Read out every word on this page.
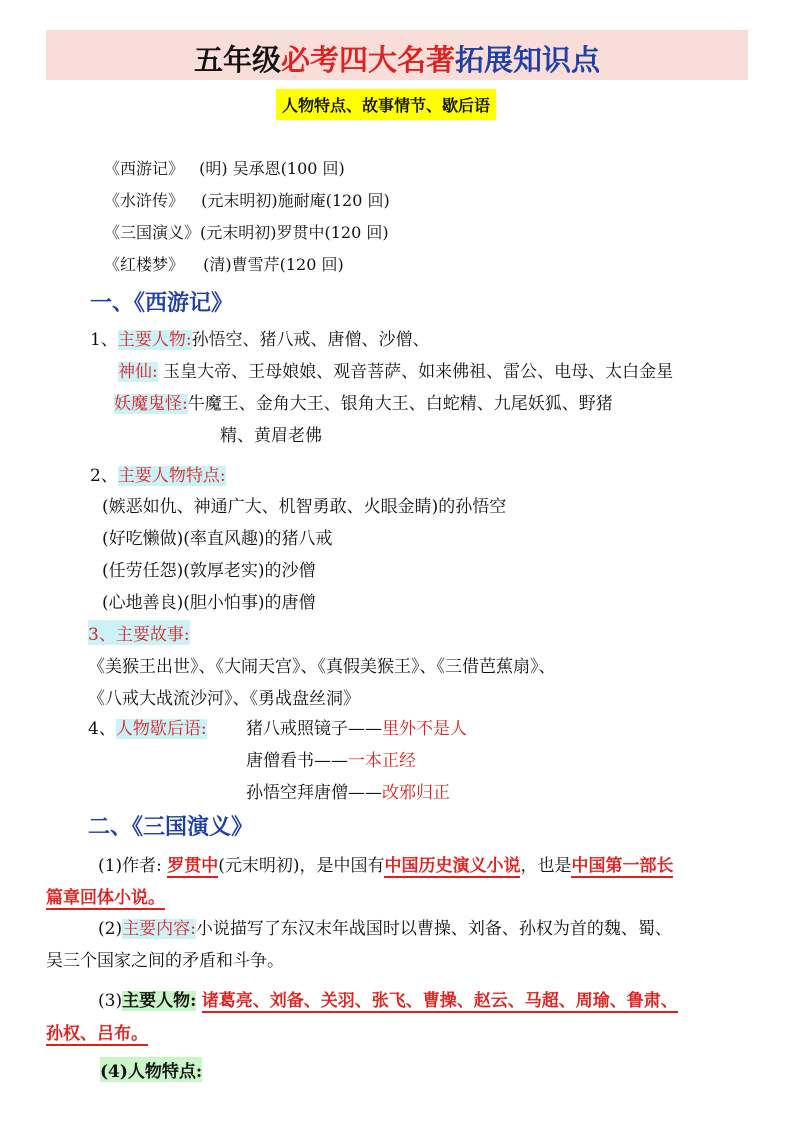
五年级必考四大名著拓展知识点
人物特点、故事情节、歇后语
《西游记》 (明) 吴承恩(100 回)
《水浒传》 (元末明初)施耐庵(120 回)
《三国演义》(元末明初)罗贯中(120 回)
《红楼梦》 (清)曹雪芹(120 回)
一、《西游记》
1、主要人物:孙悟空、猪八戒、唐僧、沙僧、
神仙: 玉皇大帝、王母娘娘、观音菩萨、如来佛祖、雷公、电母、太白金星
妖魔鬼怪:牛魔王、金角大王、银角大王、白蛇精、九尾妖狐、野猪
精、黄眉老佛
2、主要人物特点:
(嫉恶如仇、神通广大、机智勇敢、火眼金睛)的孙悟空
(好吃懒做)(率直风趣)的猪八戒
(任劳任怨)(敦厚老实)的沙僧
(心地善良)(胆小怕事)的唐僧
3、主要故事:
《美猴王出世》、《大闹天宫》、《真假美猴王》、《三借芭蕉扇》、
《八戒大战流沙河》、《勇战盘丝洞》
4、人物歇后语: 猪八戒照镜子——里外不是人
唐僧看书——一本正经
孙悟空拜唐僧——改邪归正
二、《三国演义》
(1)作者: 罗贯中(元末明初)，是中国有中国历史演义小说，也是中国第一部长
篇章回体小说。
(2)主要内容:小说描写了东汉末年战国时以曹操、刘备、孙权为首的魏、蜀、
吴三个国家之间的矛盾和斗争。
(3)主要人物: 诸葛亮、刘备、关羽、张飞、曹操、赵云、马超、周瑜、鲁肃、
孙权、吕布。
(4)人物特点:
